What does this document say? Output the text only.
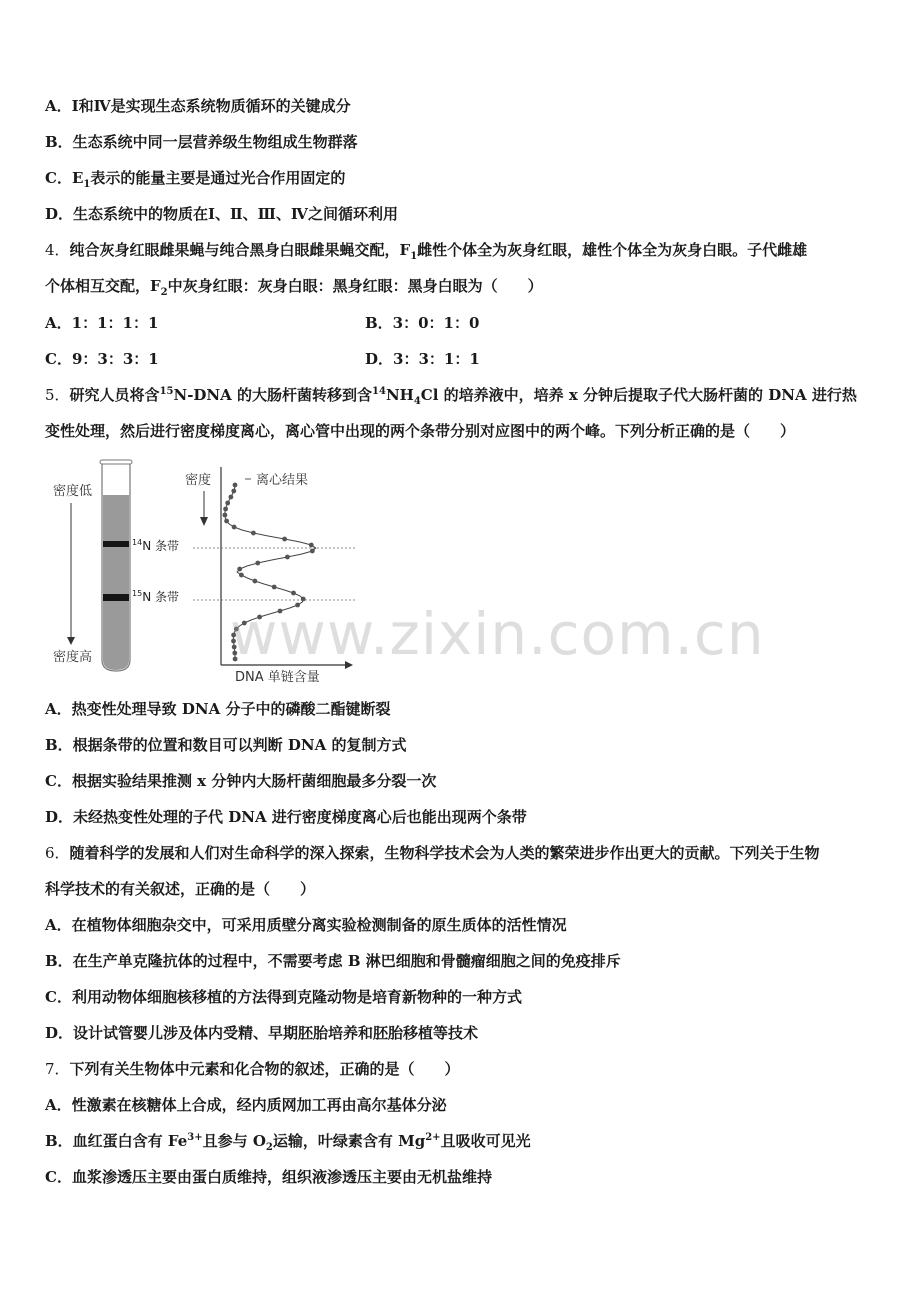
A．Ⅰ和Ⅳ是实现生态系统物质循环的关键成分
B．生态系统中同一层营养级生物组成生物群落
C．$E_1$表示的能量主要是通过光合作用固定的
D．生态系统中的物质在Ⅰ、Ⅱ、Ⅲ、Ⅳ之间循环利用
4．纯合灰身红眼雌果蝇与纯合黑身白眼雌果蝇交配，$F_1$雌性个体全为灰身红眼，雄性个体全为灰身白眼。子代雌雄
个体相互交配，$F_2$中灰身红眼：灰身白眼：黑身红眼：黑身白眼为（　　）
A．1：1：1：1	B．3：0：1：0
C．9：3：3：1	D．3：3：1：1
5．研究人员将含$^{15}$N-DNA 的大肠杆菌转移到含$^{14}NH_4Cl$ 的培养液中，培养 x 分钟后提取子代大肠杆菌的 DNA 进行热
变性处理，然后进行密度梯度离心，离心管中出现的两个条带分别对应图中的两个峰。下列分析正确的是（　　）
密度低
密度高
$^{14}$N 条带
$^{15}$N 条带
密度
DNA 单链含量
离心结果
www.zixin.com.cn
A．热变性处理导致 DNA 分子中的磷酸二酯键断裂
B．根据条带的位置和数目可以判断 DNA 的复制方式
C．根据实验结果推测 x 分钟内大肠杆菌细胞最多分裂一次
D．未经热变性处理的子代 DNA 进行密度梯度离心后也能出现两个条带
6．随着科学的发展和人们对生命科学的深入探索，生物科学技术会为人类的繁荣进步作出更大的贡献。下列关于生物
科学技术的有关叙述，正确的是（　　）
A．在植物体细胞杂交中，可采用质壁分离实验检测制备的原生质体的活性情况
B．在生产单克隆抗体的过程中，不需要考虑 B 淋巴细胞和骨髓瘤细胞之间的免疫排斥
C．利用动物体细胞核移植的方法得到克隆动物是培育新物种的一种方式
D．设计试管婴儿涉及体内受精、早期胚胎培养和胚胎移植等技术
7．下列有关生物体中元素和化合物的叙述，正确的是（　　）
A．性激素在核糖体上合成，经内质网加工再由高尔基体分泌
B．血红蛋白含有 $Fe^{3+}$且参与 $O_2$运输，叶绿素含有 $Mg^{2+}$且吸收可见光
C．血浆渗透压主要由蛋白质维持，组织液渗透压主要由无机盐维持
